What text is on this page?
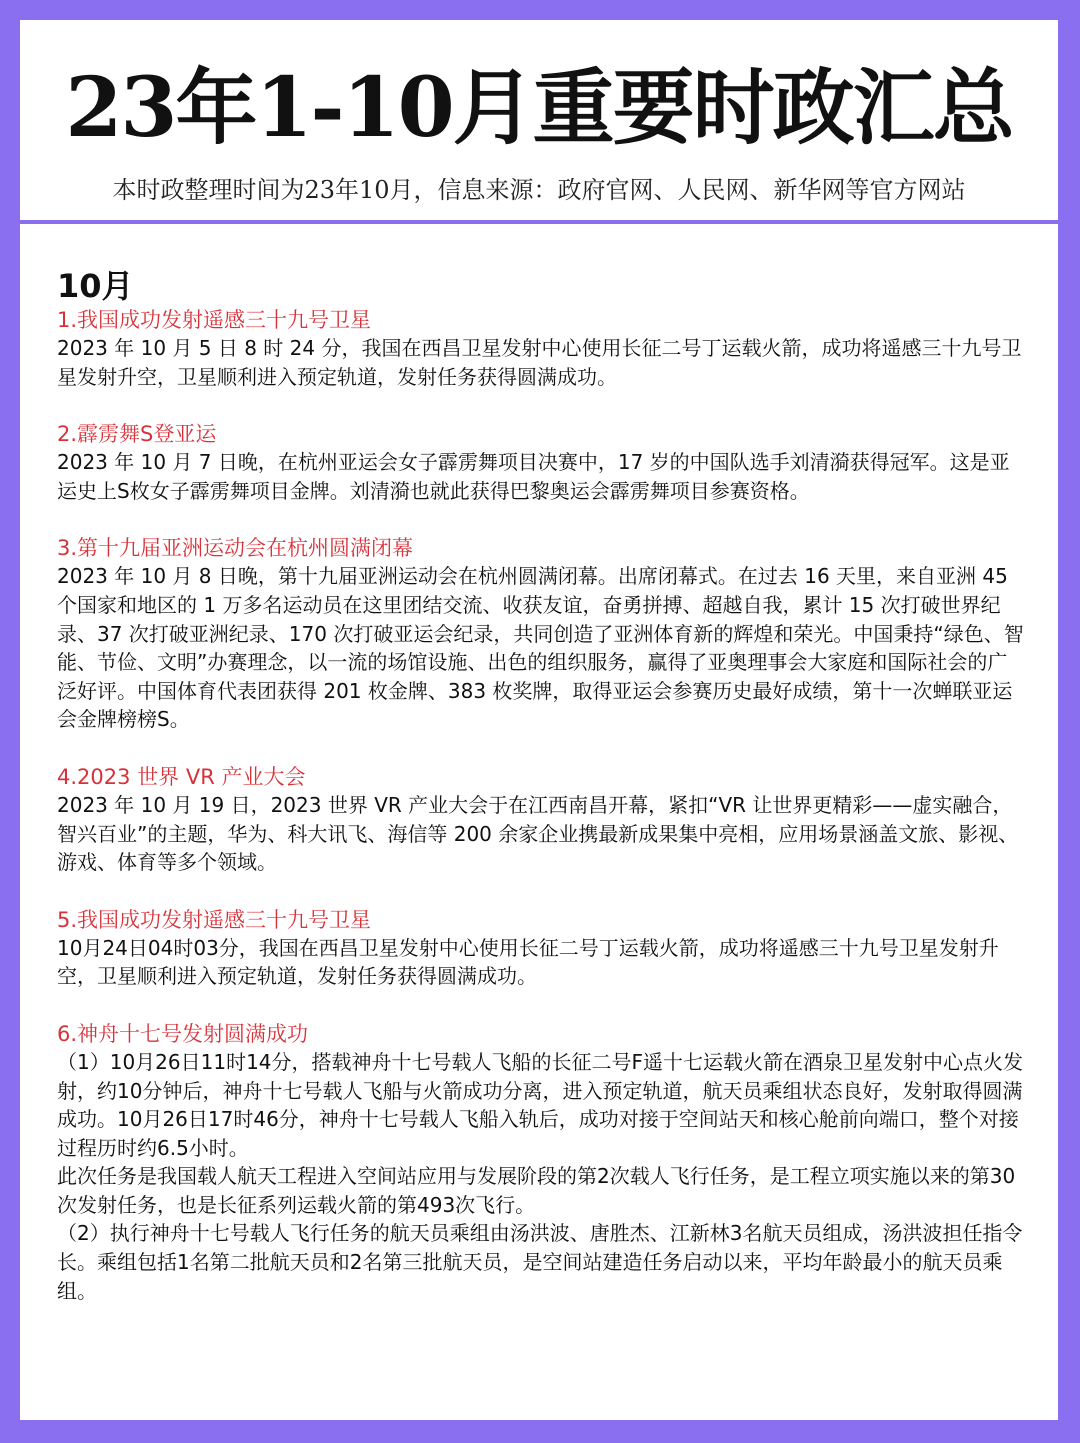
23年1-10月重要时政汇总
本时政整理时间为23年10月，信息来源：政府官网、人民网、新华网等官方网站
10月

1.我国成功发射遥感三十九号卫星

2023 年 10 月 5 日 8 时 24 分，我国在西昌卫星发射中心使用长征二号丁运载火箭，成功将遥感三十九号卫星发射升空，卫星顺利进入预定轨道，发射任务获得圆满成功。

2.霹雳舞S登亚运

2023 年 10 月 7 日晚，在杭州亚运会女子霹雳舞项目决赛中，17 岁的中国队选手刘清漪获得冠军。这是亚运史上S枚女子霹雳舞项目金牌。刘清漪也就此获得巴黎奥运会霹雳舞项目参赛资格。

3.第十九届亚洲运动会在杭州圆满闭幕

2023 年 10 月 8 日晚，第十九届亚洲运动会在杭州圆满闭幕。出席闭幕式。在过去 16 天里，来自亚洲 45 个国家和地区的 1 万多名运动员在这里团结交流、收获友谊，奋勇拼搏、超越自我，累计 15 次打破世界纪录、37 次打破亚洲纪录、170 次打破亚运会纪录，共同创造了亚洲体育新的辉煌和荣光。中国秉持“绿色、智能、节俭、文明”办赛理念，以一流的场馆设施、出色的组织服务，赢得了亚奥理事会大家庭和国际社会的广泛好评。中国体育代表团获得 201 枚金牌、383 枚奖牌，取得亚运会参赛历史最好成绩，第十一次蝉联亚运会金牌榜榜S。

4.2023 世界 VR 产业大会

2023 年 10 月 19 日，2023 世界 VR 产业大会于在江西南昌开幕，紧扣“VR 让世界更精彩——虚实融合，智兴百业”的主题，华为、科大讯飞、海信等 200 余家企业携最新成果集中亮相，应用场景涵盖文旅、影视、游戏、体育等多个领域。

5.我国成功发射遥感三十九号卫星

10月24日04时03分，我国在西昌卫星发射中心使用长征二号丁运载火箭，成功将遥感三十九号卫星发射升空，卫星顺利进入预定轨道，发射任务获得圆满成功。

6.神舟十七号发射圆满成功

（1）10月26日11时14分，搭载神舟十七号载人飞船的长征二号F遥十七运载火箭在酒泉卫星发射中心点火发射，约10分钟后，神舟十七号载人飞船与火箭成功分离，进入预定轨道，航天员乘组状态良好，发射取得圆满成功。10月26日17时46分，神舟十七号载人飞船入轨后，成功对接于空间站天和核心舱前向端口，整个对接过程历时约6.5小时。

此次任务是我国载人航天工程进入空间站应用与发展阶段的第2次载人飞行任务，是工程立项实施以来的第30次发射任务，也是长征系列运载火箭的第493次飞行。

（2）执行神舟十七号载人飞行任务的航天员乘组由汤洪波、唐胜杰、江新林3名航天员组成，汤洪波担任指令长。乘组包括1名第二批航天员和2名第三批航天员，是空间站建造任务启动以来，平均年龄最小的航天员乘组。
